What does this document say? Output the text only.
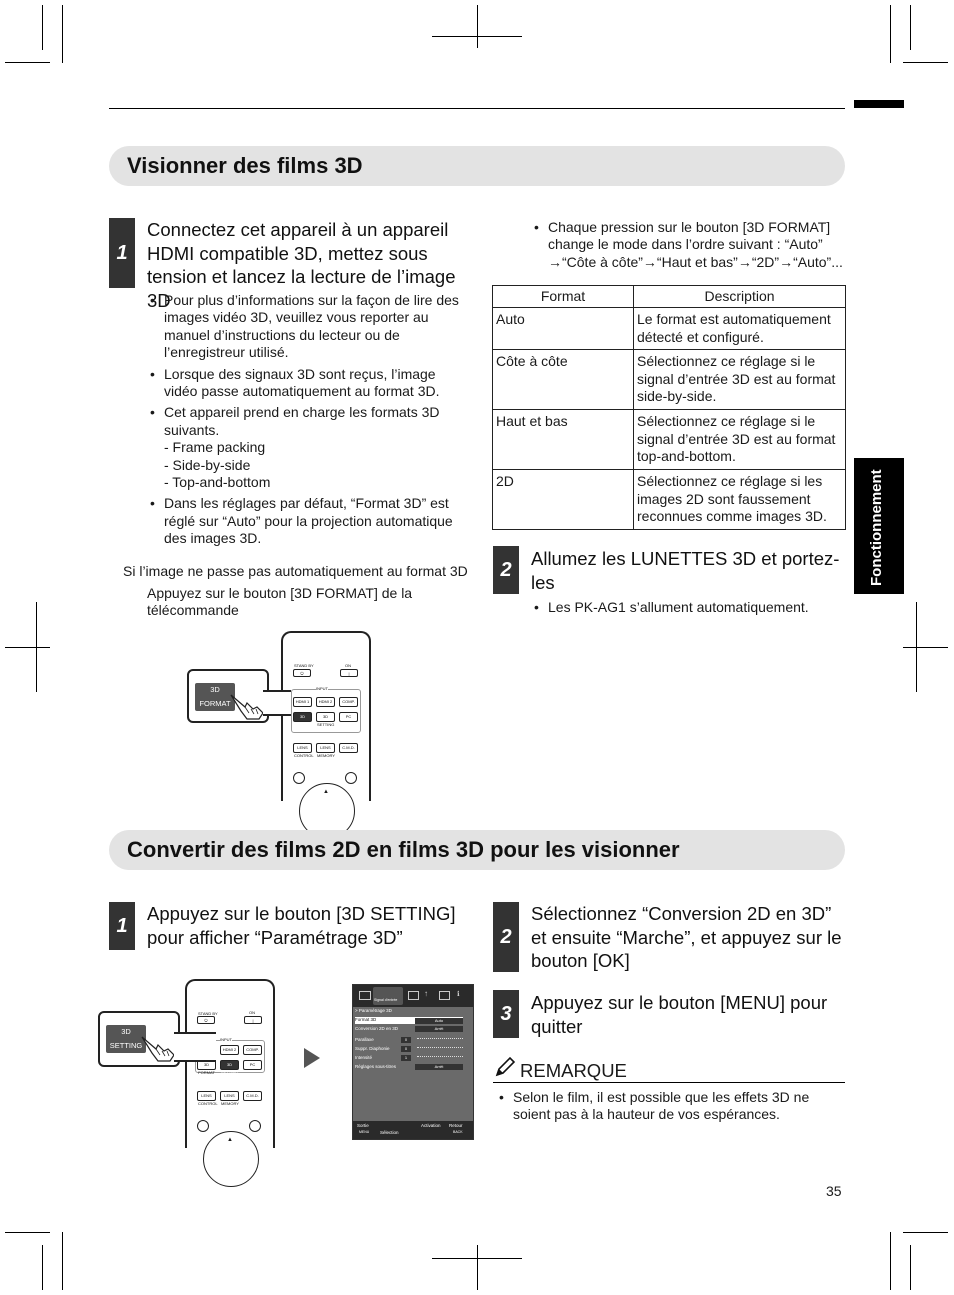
Visionner des films 3D
1
Connectez cet appareil à un appareil HDMI compatible 3D, mettez sous tension et lancez la lecture de l’image 3D
• Pour plus d’informations sur la façon de lire des images vidéo 3D, veuillez vous reporter au manuel d’instructions du lecteur ou de l’enregistreur utilisé.
• Lorsque des signaux 3D sont reçus, l’image vidéo passe automatiquement au format 3D.
• Cet appareil prend en charge les formats 3D suivants.
- Frame packing
- Side-by-side
- Top-and-bottom
• Dans les réglages par défaut, “Format 3D” est réglé sur “Auto” pour la projection automatique des images 3D.
Si l’image ne passe pas automatiquement au format 3D
Appuyez sur le bouton [3D FORMAT] de la télécommande
STAND BY
⏻
ON
|
INPUT
HDMI 1	HDMI 2	COMP.
3D FORMAT
3D SETTING
PC
LENS CONTROL
LENS MEMORY
C.M.D.
▲
3D FORMAT
• Chaque pression sur le bouton [3D FORMAT] change le mode dans l’ordre suivant : “Auto” →“Côte à côte”→“Haut et bas”→“2D”→“Auto”...
Format	Description
Auto	Le format est automatiquement détecté et configuré.
Côte à côte	Sélectionnez ce réglage si le signal d’entrée 3D est au format side-by-side.
Haut et bas	Sélectionnez ce réglage si le signal d’entrée 3D est au format top-and-bottom.
2D	Sélectionnez ce réglage si les images 2D sont faussement reconnues comme images 3D.
2
Allumez les LUNETTES 3D et portez-les
• Les PK-AG1 s’allument automatiquement.
Fonctionnement
Convertir des films 2D en films 3D pour les visionner
1
Appuyez sur le bouton [3D SETTING] pour afficher “Paramétrage 3D”
STAND BY
⏻
ON
|
INPUT
HDMI 2	COMP.
3D FORMAT
3D SETTING
PC
LENS CONTROL
LENS MEMORY
C.M.D.
▲
3D SETTING
Signal d’entrée
↑	ℹ
> Paramétrage 3D
Format 3D	Auto
Conversion 2D en 3D	Arrêt
Parallaxe	0
Suppr. Diaphonie	0
Intensité	1
Réglages sous-titres	Arrêt
Sortie
MENU Sélection
Activation Retour
BACK
2
Sélectionnez “Conversion 2D en 3D” et ensuite “Marche”, et appuyez sur le bouton [OK]
3
Appuyez sur le bouton [MENU] pour quitter
REMARQUE
• Selon le film, il est possible que les effets 3D ne soient pas à la hauteur de vos espérances.
35
